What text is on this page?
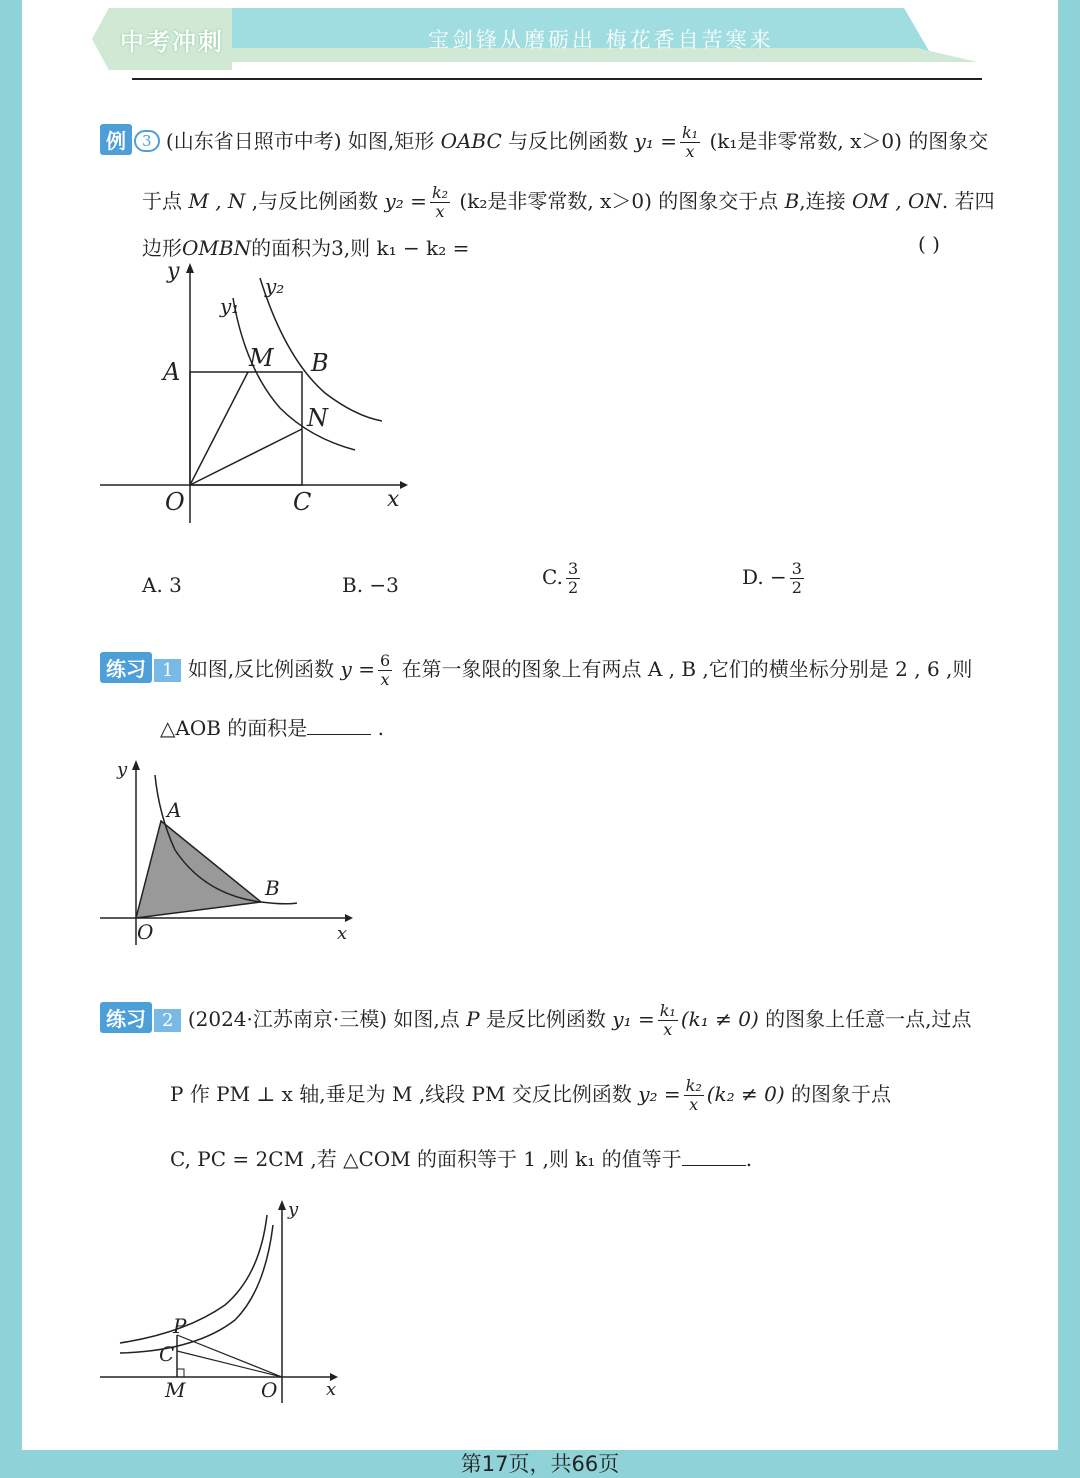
中考冲刺	宝剑锋从磨砺出 梅花香自苦寒来
例 3 (山东省日照市中考) 如图,矩形 OABC 与反比例函数 $y_1 = \frac{\text{k₁}}{x} (k_1$是非零常数, x＞0) 的图象交
于点 M , N ,与反比例函数 $y_2 = \frac{\text{k₂}}{x} (k_2$是非零常数, x＞0) 的图象交于点 B,连接 OM , ON. 若四
边形OMBN的面积为3,则 k₁ − k₂ =	( )
y
x
O
A	B
C
M
N
y₁
y₂
A. 3	B. −3	C. $\frac{3}{2}$	D. − $\frac{3}{2}$
练习 1 如图,反比例函数 $y = \frac{6}{x}$ 在第一象限的图象上有两点 A , B ,它们的横坐标分别是 2 , 6 ,则
△AOB 的面积是	.
y
x
O
A
B
练习 2 (2024·江苏南京·三模) 如图,点 P 是反比例函数 $y_1 = \frac{\text{k₁}}{x} (k_1 \ne 0)$ 的图象上任意一点,过点
P 作 PM ⊥ x 轴,垂足为 M ,线段 PM 交反比例函数 $y_2 = \frac{\text{k₂}}{x} (k_2 \ne 0)$ 的图象于点
C, PC = 2CM ,若 △COM 的面积等于 1 ,则 k₁ 的值等于	.
y
x
O
P
C
M
第17页，共66页
